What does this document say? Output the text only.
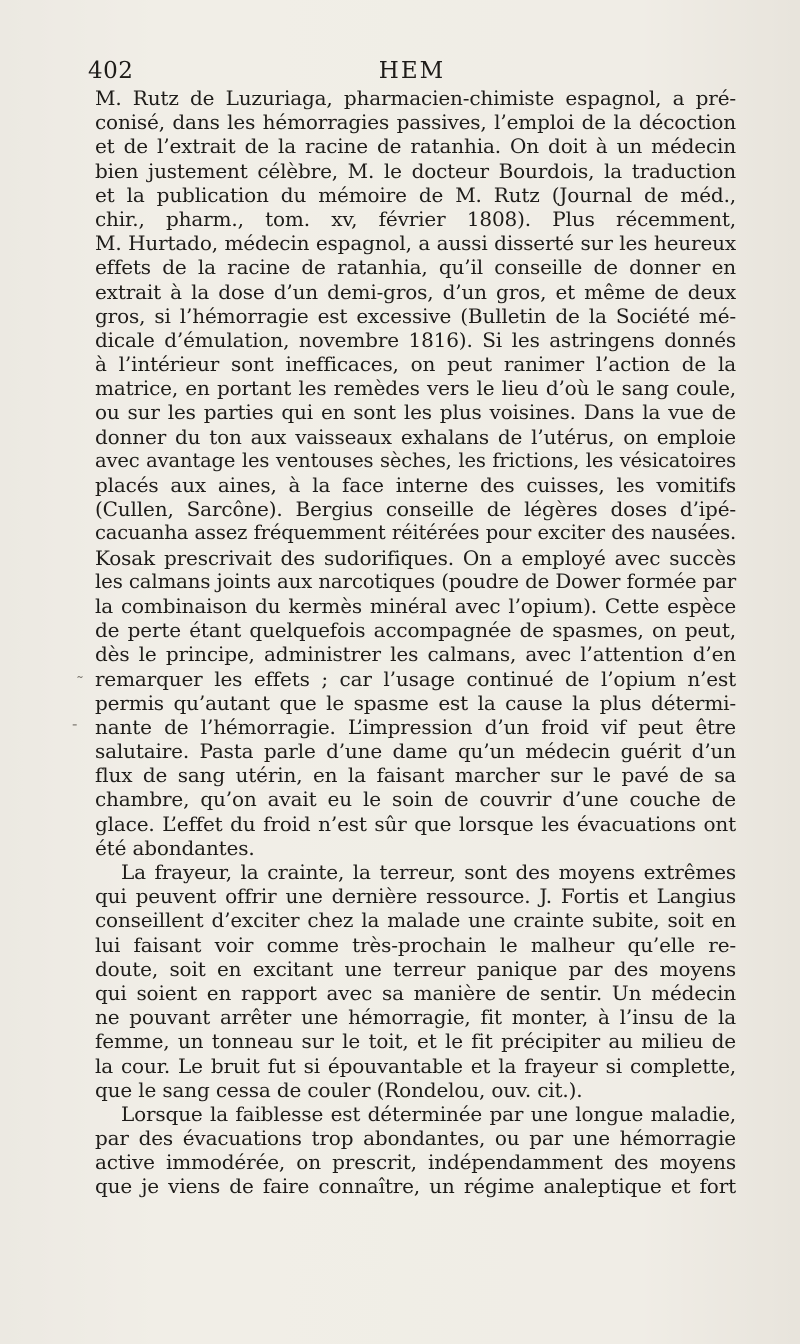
402	HEM
M. Rutz de Luzuriaga, pharmacien-chimiste espagnol, a pré-
conisé, dans les hémorragies passives, l’emploi de la décoction
et de l’extrait de la racine de ratanhia. On doit à un médecin
bien justement célèbre, M. le docteur Bourdois, la traduction
et la publication du mémoire de M. Rutz (Journal de méd.,
chir., pharm., tom. xv, février 1808). Plus récemment,
M. Hurtado, médecin espagnol, a aussi disserté sur les heureux
effets de la racine de ratanhia, qu’il conseille de donner en
extrait à la dose d’un demi-gros, d’un gros, et même de deux
gros, si l’hémorragie est excessive (Bulletin de la Société mé-
dicale d’émulation, novembre 1816). Si les astringens donnés
à l’intérieur sont inefficaces, on peut ranimer l’action de la
matrice, en portant les remèdes vers le lieu d’où le sang coule,
ou sur les parties qui en sont les plus voisines. Dans la vue de
donner du ton aux vaisseaux exhalans de l’utérus, on emploie
avec avantage les ventouses sèches, les frictions, les vésicatoires
placés aux aines, à la face interne des cuisses, les vomitifs
(Cullen, Sarcône). Bergius conseille de légères doses d’ipé-
cacuanha assez fréquemment réitérées pour exciter des nausées.
Kosak prescrivait des sudorifiques. On a employé avec succès
les calmans joints aux narcotiques (poudre de Dower formée par
la combinaison du kermès minéral avec l’opium). Cette espèce
de perte étant quelquefois accompagnée de spasmes, on peut,
dès le principe, administrer les calmans, avec l’attention d’en
remarquer les effets ; car l’usage continué de l’opium n’est
permis qu’autant que le spasme est la cause la plus détermi-
nante de l’hémorragie. L’impression d’un froid vif peut être
salutaire. Pasta parle d’une dame qu’un médecin guérit d’un
flux de sang utérin, en la faisant marcher sur le pavé de sa
chambre, qu’on avait eu le soin de couvrir d’une couche de
glace. L’effet du froid n’est sûr que lorsque les évacuations ont
été abondantes.
La frayeur, la crainte, la terreur, sont des moyens extrêmes
qui peuvent offrir une dernière ressource. J. Fortis et Langius
conseillent d’exciter chez la malade une crainte subite, soit en
lui faisant voir comme très-prochain le malheur qu’elle re-
doute, soit en excitant une terreur panique par des moyens
qui soient en rapport avec sa manière de sentir. Un médecin
ne pouvant arrêter une hémorragie, fit monter, à l’insu de la
femme, un tonneau sur le toit, et le fit précipiter au milieu de
la cour. Le bruit fut si épouvantable et la frayeur si complette,
que le sang cessa de couler (Rondelou, ouv. cit.).
Lorsque la faiblesse est déterminée par une longue maladie,
par des évacuations trop abondantes, ou par une hémorragie
active immodérée, on prescrit, indépendamment des moyens
que je viens de faire connaître, un régime analeptique et fort
˷
-
